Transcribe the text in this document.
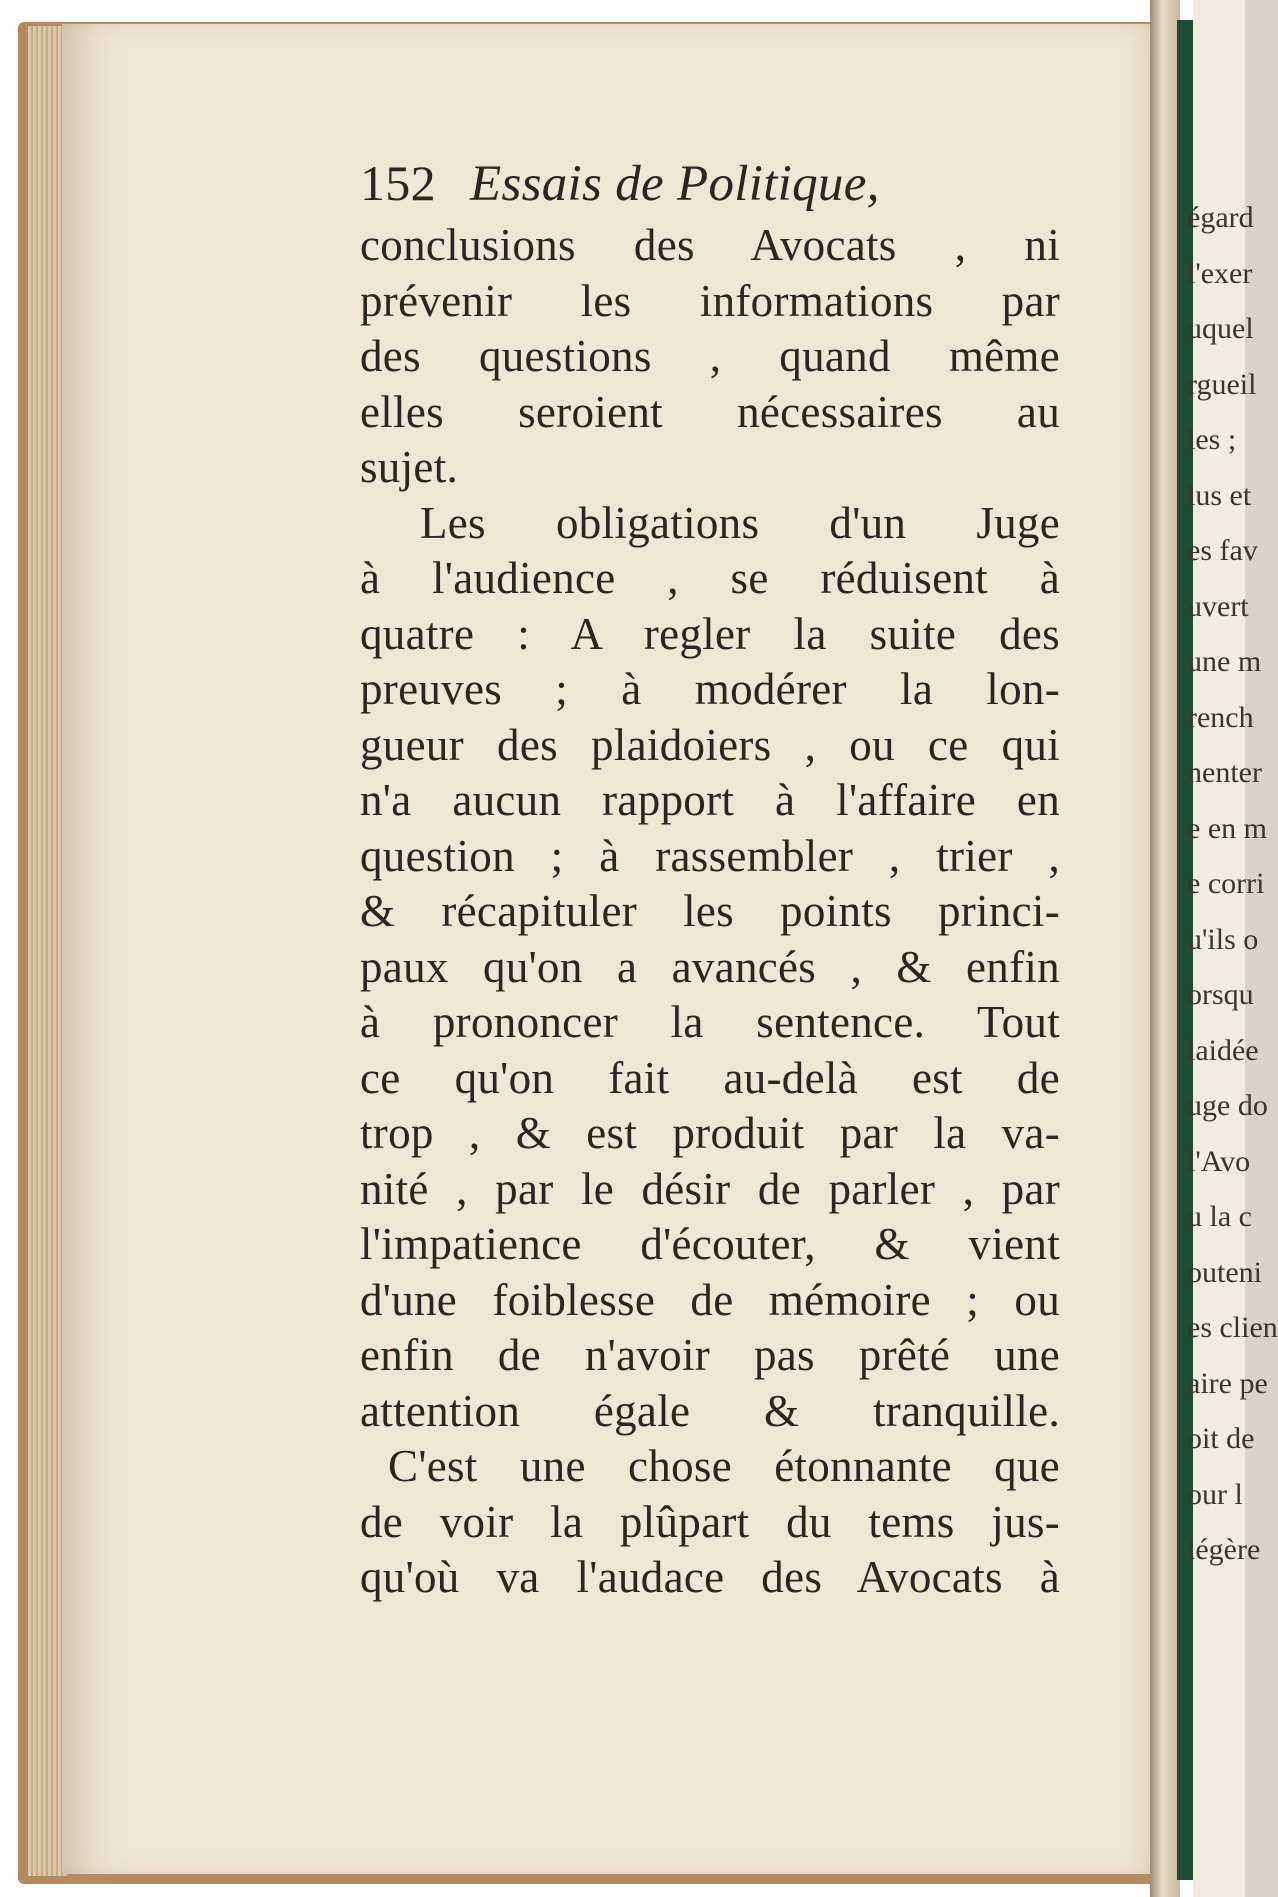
égard
l'exer
uquel
rgueil
les ;
lus et
es fav
uvert
une m
rench
nenter
e en m
e corri
u'ils o
orsqu
laidée
uge do
l'Avo
u la c
outeni
es clien
aire pe
oit de
our l
légère
152 Essais de Politique,
conclusions des Avocats , ni
prévenir les informations par
des questions , quand même
elles seroient nécessaires au
sujet.
Les obligations d'un Juge
à l'audience , se réduisent à
quatre : A regler la suite des
preuves ; à modérer la lon-
gueur des plaidoiers , ou ce qui
n'a aucun rapport à l'affaire en
question ; à rassembler , trier ,
& récapituler les points princi-
paux qu'on a avancés , & enfin
à prononcer la sentence. Tout
ce qu'on fait au-delà est de
trop , & est produit par la va-
nité , par le désir de parler , par
l'impatience d'écouter, & vient
d'une foiblesse de mémoire ; ou
enfin de n'avoir pas prêté une
attention égale & tranquille.
C'est une chose étonnante que
de voir la plûpart du tems jus-
qu'où va l'audace des Avocats à
